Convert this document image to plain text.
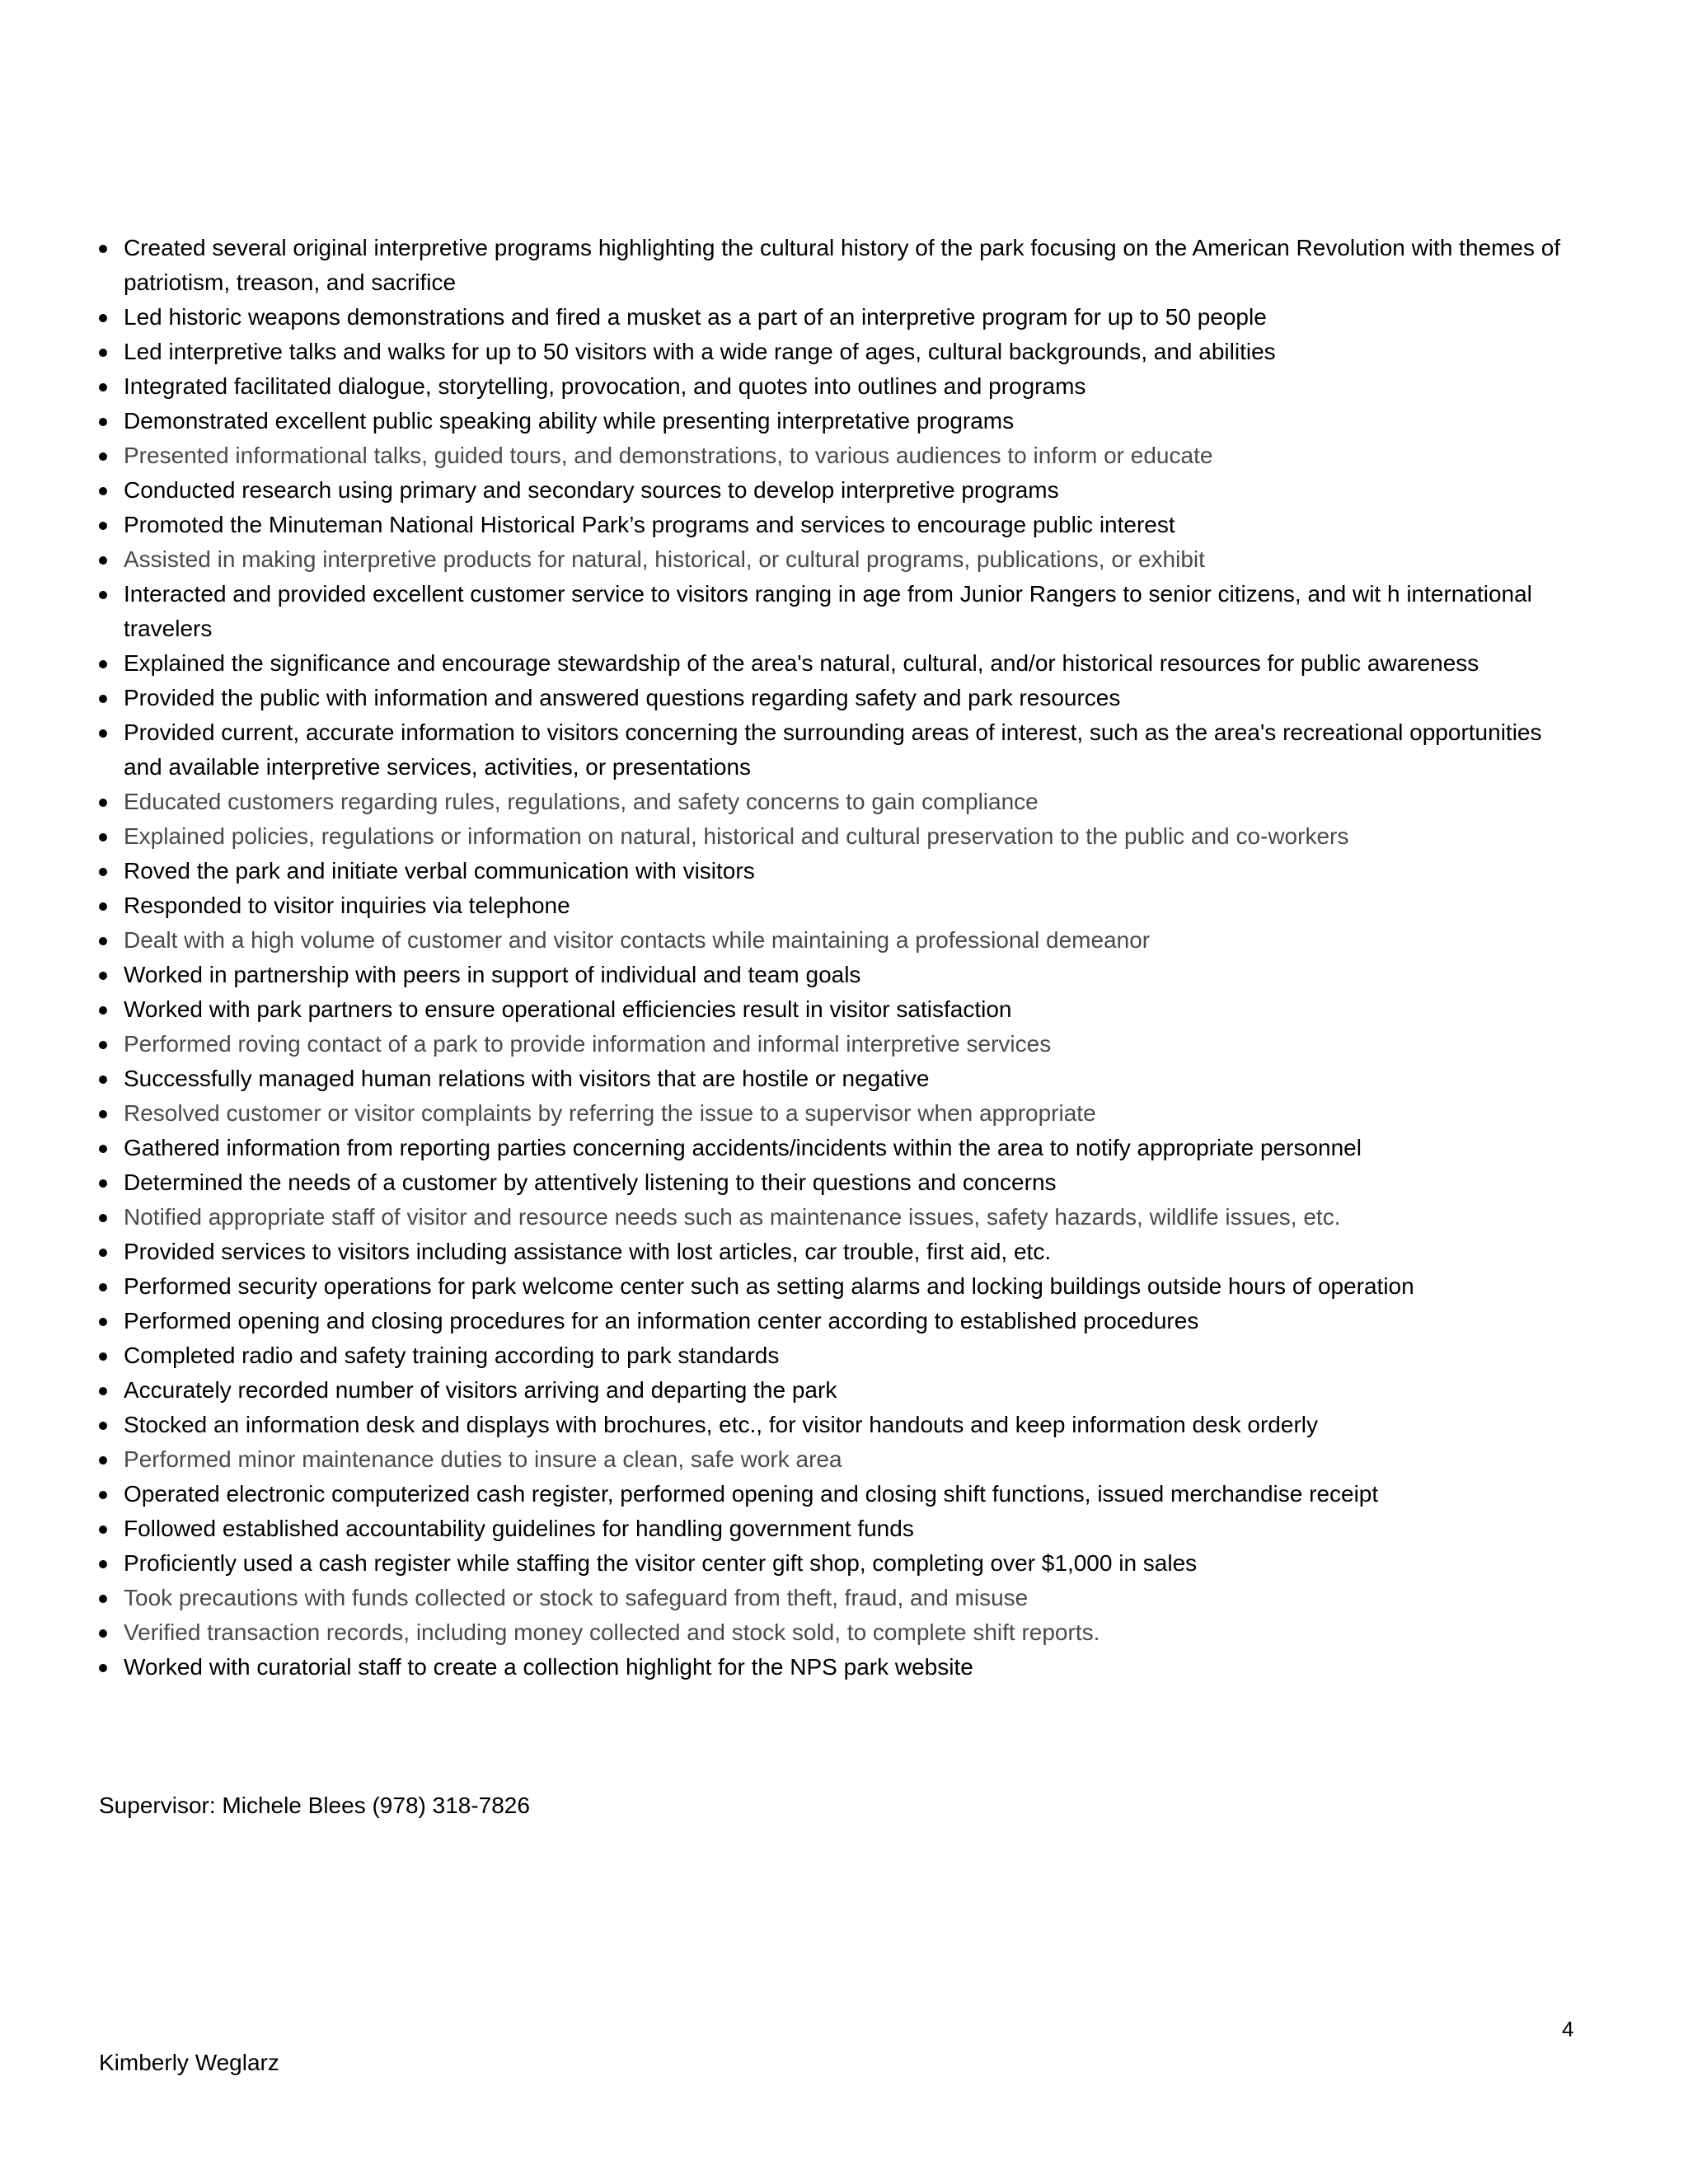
Created several original interpretive programs highlighting the cultural history of the park focusing on the American Revolution with themes of patriotism, treason, and sacrifice
Led historic weapons demonstrations and fired a musket as a part of an interpretive program for up to 50 people
Led interpretive talks and walks for up to 50 visitors with a wide range of ages, cultural backgrounds, and abilities
Integrated facilitated dialogue, storytelling, provocation, and quotes into outlines and programs
Demonstrated excellent public speaking ability while presenting interpretative programs
Presented informational talks, guided tours, and demonstrations, to various audiences to inform or educate
Conducted research using primary and secondary sources to develop interpretive programs
Promoted the Minuteman National Historical Park’s programs and services to encourage public interest
Assisted in making interpretive products for natural, historical, or cultural programs, publications, or exhibit
Interacted and provided excellent customer service to visitors ranging in age from Junior Rangers to senior citizens, and wit h international travelers
Explained the significance and encourage stewardship of the area's natural, cultural, and/or historical resources for public awareness
Provided the public with information and answered questions regarding safety and park resources
Provided current, accurate information to visitors concerning the surrounding areas of interest, such as the area's recreational opportunities and available interpretive services, activities, or presentations
Educated customers regarding rules, regulations, and safety concerns to gain compliance
Explained policies, regulations or information on natural, historical and cultural preservation to the public and co-workers
Roved the park and initiate verbal communication with visitors
Responded to visitor inquiries via telephone
Dealt with a high volume of customer and visitor contacts while maintaining a professional demeanor
Worked in partnership with peers in support of individual and team goals
Worked with park partners to ensure operational efficiencies result in visitor satisfaction
Performed roving contact of a park to provide information and informal interpretive services
Successfully managed human relations with visitors that are hostile or negative
Resolved customer or visitor complaints by referring the issue to a supervisor when appropriate
Gathered information from reporting parties concerning accidents/incidents within the area to notify appropriate personnel
Determined the needs of a customer by attentively listening to their questions and concerns
Notified appropriate staff of visitor and resource needs such as maintenance issues, safety hazards, wildlife issues, etc.
Provided services to visitors including assistance with lost articles, car trouble, first aid, etc.
Performed security operations for park welcome center such as setting alarms and locking buildings outside hours of operation
Performed opening and closing procedures for an information center according to established procedures
Completed radio and safety training according to park standards
Accurately recorded number of visitors arriving and departing the park
Stocked an information desk and displays with brochures, etc., for visitor handouts and keep information desk orderly
Performed minor maintenance duties to insure a clean, safe work area
Operated electronic computerized cash register, performed opening and closing shift functions, issued merchandise receipt
Followed established accountability guidelines for handling government funds
Proficiently used a cash register while staffing the visitor center gift shop, completing over $1,000 in sales
Took precautions with funds collected or stock to safeguard from theft, fraud, and misuse
Verified transaction records, including money collected and stock sold, to complete shift reports.
Worked with curatorial staff to create a collection highlight for the NPS park website
Supervisor: Michele Blees (978) 318-7826
4
Kimberly Weglarz
